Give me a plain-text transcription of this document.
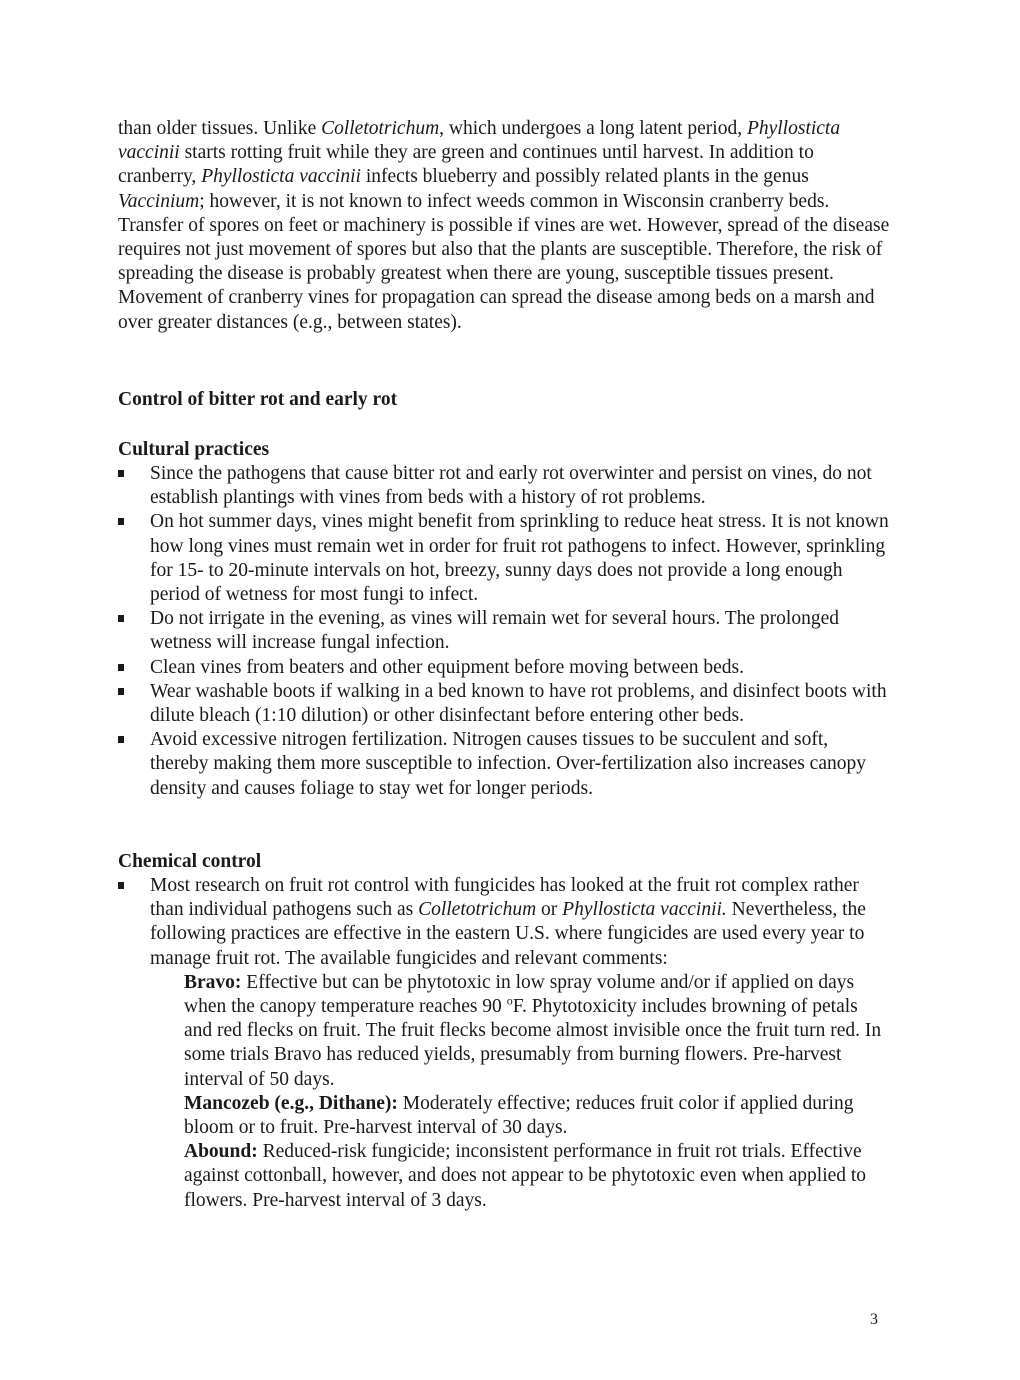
than older tissues. Unlike Colletotrichum, which undergoes a long latent period, Phyllosticta vaccinii starts rotting fruit while they are green and continues until harvest. In addition to cranberry, Phyllosticta vaccinii infects blueberry and possibly related plants in the genus Vaccinium; however, it is not known to infect weeds common in Wisconsin cranberry beds. Transfer of spores on feet or machinery is possible if vines are wet. However, spread of the disease requires not just movement of spores but also that the plants are susceptible. Therefore, the risk of spreading the disease is probably greatest when there are young, susceptible tissues present. Movement of cranberry vines for propagation can spread the disease among beds on a marsh and over greater distances (e.g., between states).

Control of bitter rot and early rot
Cultural practices
Since the pathogens that cause bitter rot and early rot overwinter and persist on vines, do not establish plantings with vines from beds with a history of rot problems.
On hot summer days, vines might benefit from sprinkling to reduce heat stress. It is not known how long vines must remain wet in order for fruit rot pathogens to infect. However, sprinkling for 15- to 20-minute intervals on hot, breezy, sunny days does not provide a long enough period of wetness for most fungi to infect.
Do not irrigate in the evening, as vines will remain wet for several hours. The prolonged wetness will increase fungal infection.
Clean vines from beaters and other equipment before moving between beds.
Wear washable boots if walking in a bed known to have rot problems, and disinfect boots with dilute bleach (1:10 dilution) or other disinfectant before entering other beds.
Avoid excessive nitrogen fertilization. Nitrogen causes tissues to be succulent and soft, thereby making them more susceptible to infection. Over-fertilization also increases canopy density and causes foliage to stay wet for longer periods.
Chemical control
Most research on fruit rot control with fungicides has looked at the fruit rot complex rather than individual pathogens such as Colletotrichum or Phyllosticta vaccinii. Nevertheless, the following practices are effective in the eastern U.S. where fungicides are used every year to manage fruit rot. The available fungicides and relevant comments:

Bravo: Effective but can be phytotoxic in low spray volume and/or if applied on days when the canopy temperature reaches 90 $^o$F. Phytotoxicity includes browning of petals and red flecks on fruit. The fruit flecks become almost invisible once the fruit turn red. In some trials Bravo has reduced yields, presumably from burning flowers. Pre-harvest interval of 50 days.

Mancozeb (e.g., Dithane): Moderately effective; reduces fruit color if applied during bloom or to fruit. Pre-harvest interval of 30 days.

Abound: Reduced-risk fungicide; inconsistent performance in fruit rot trials. Effective against cottonball, however, and does not appear to be phytotoxic even when applied to flowers. Pre-harvest interval of 3 days.

3
